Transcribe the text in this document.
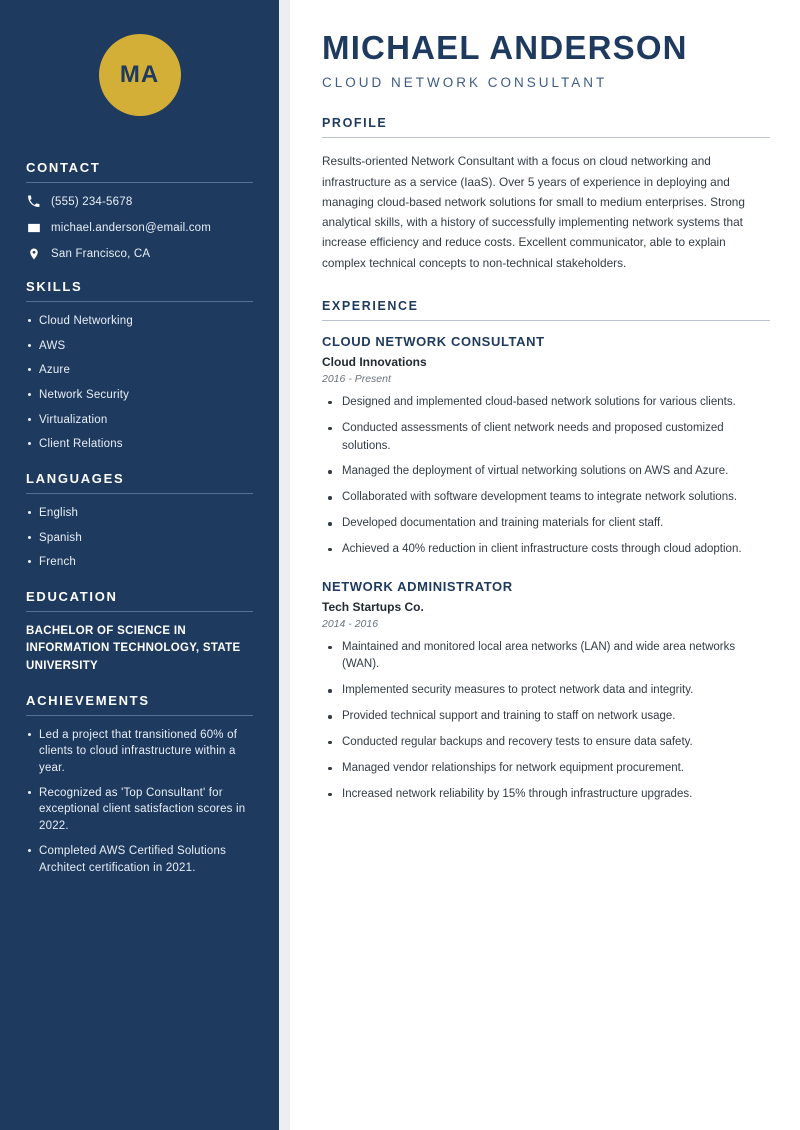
MA
CONTACT
(555) 234-5678
michael.anderson@email.com
San Francisco, CA
SKILLS
Cloud Networking
AWS
Azure
Network Security
Virtualization
Client Relations
LANGUAGES
English
Spanish
French
EDUCATION
BACHELOR OF SCIENCE IN INFORMATION TECHNOLOGY, STATE UNIVERSITY
ACHIEVEMENTS
Led a project that transitioned 60% of clients to cloud infrastructure within a year.
Recognized as 'Top Consultant' for exceptional client satisfaction scores in 2022.
Completed AWS Certified Solutions Architect certification in 2021.
MICHAEL ANDERSON
CLOUD NETWORK CONSULTANT
PROFILE

Results-oriented Network Consultant with a focus on cloud networking and infrastructure as a service (IaaS). Over 5 years of experience in deploying and managing cloud-based network solutions for small to medium enterprises. Strong analytical skills, with a history of successfully implementing network systems that increase efficiency and reduce costs. Excellent communicator, able to explain complex technical concepts to non-technical stakeholders.

EXPERIENCE
CLOUD NETWORK CONSULTANT
Cloud Innovations
2016 - Present
Designed and implemented cloud-based network solutions for various clients.
Conducted assessments of client network needs and proposed customized solutions.
Managed the deployment of virtual networking solutions on AWS and Azure.
Collaborated with software development teams to integrate network solutions.
Developed documentation and training materials for client staff.
Achieved a 40% reduction in client infrastructure costs through cloud adoption.
NETWORK ADMINISTRATOR
Tech Startups Co.
2014 - 2016
Maintained and monitored local area networks (LAN) and wide area networks (WAN).
Implemented security measures to protect network data and integrity.
Provided technical support and training to staff on network usage.
Conducted regular backups and recovery tests to ensure data safety.
Managed vendor relationships for network equipment procurement.
Increased network reliability by 15% through infrastructure upgrades.
